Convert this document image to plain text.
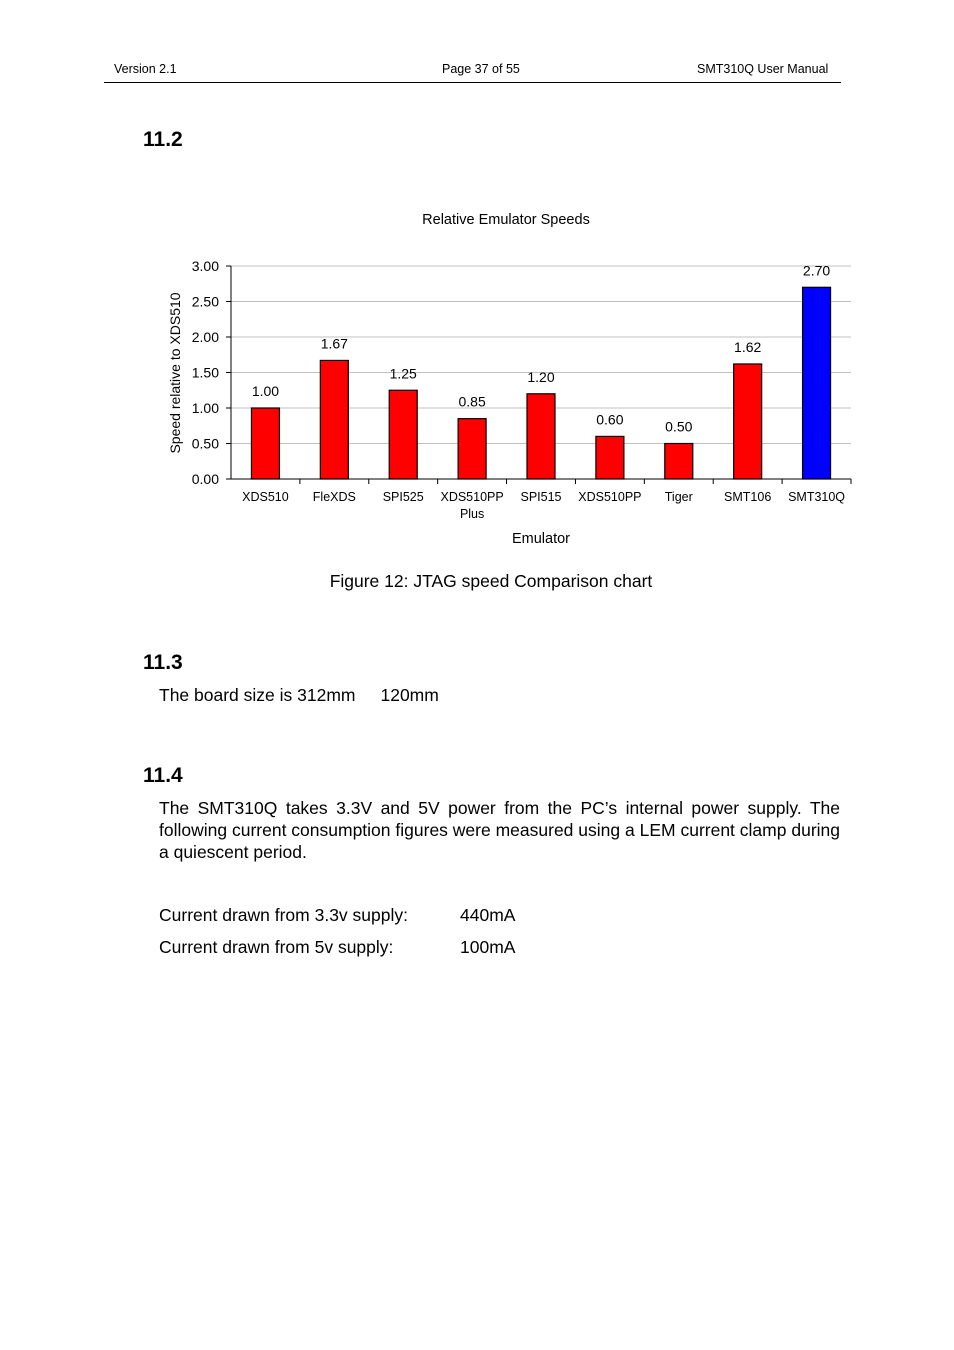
Version 2.1	Page 37 of 55	SMT310Q User Manual
11.2
Relative Emulator Speeds
1.00
1.67
1.25
0.85
1.20
0.60	0.50
1.62
2.70
0.00
0.50
1.00
1.50
2.00
2.50
3.00
XDS510 FleXDS SPI525 XDS510PP Plus
SPI515 XDS510PP Tiger	SMT106 SMT310Q
Emulator
Speed relative to XDS510
Figure 12: JTAG speed Comparison chart
11.3
The board size is 312mm 120mm
11.4
The SMT310Q takes 3.3V and 5V power from the PC’s internal power supply. The following current consumption figures were measured using a LEM current clamp during a quiescent period.
Current drawn from 3.3v supply:	440mA
Current drawn from 5v supply:	100mA
